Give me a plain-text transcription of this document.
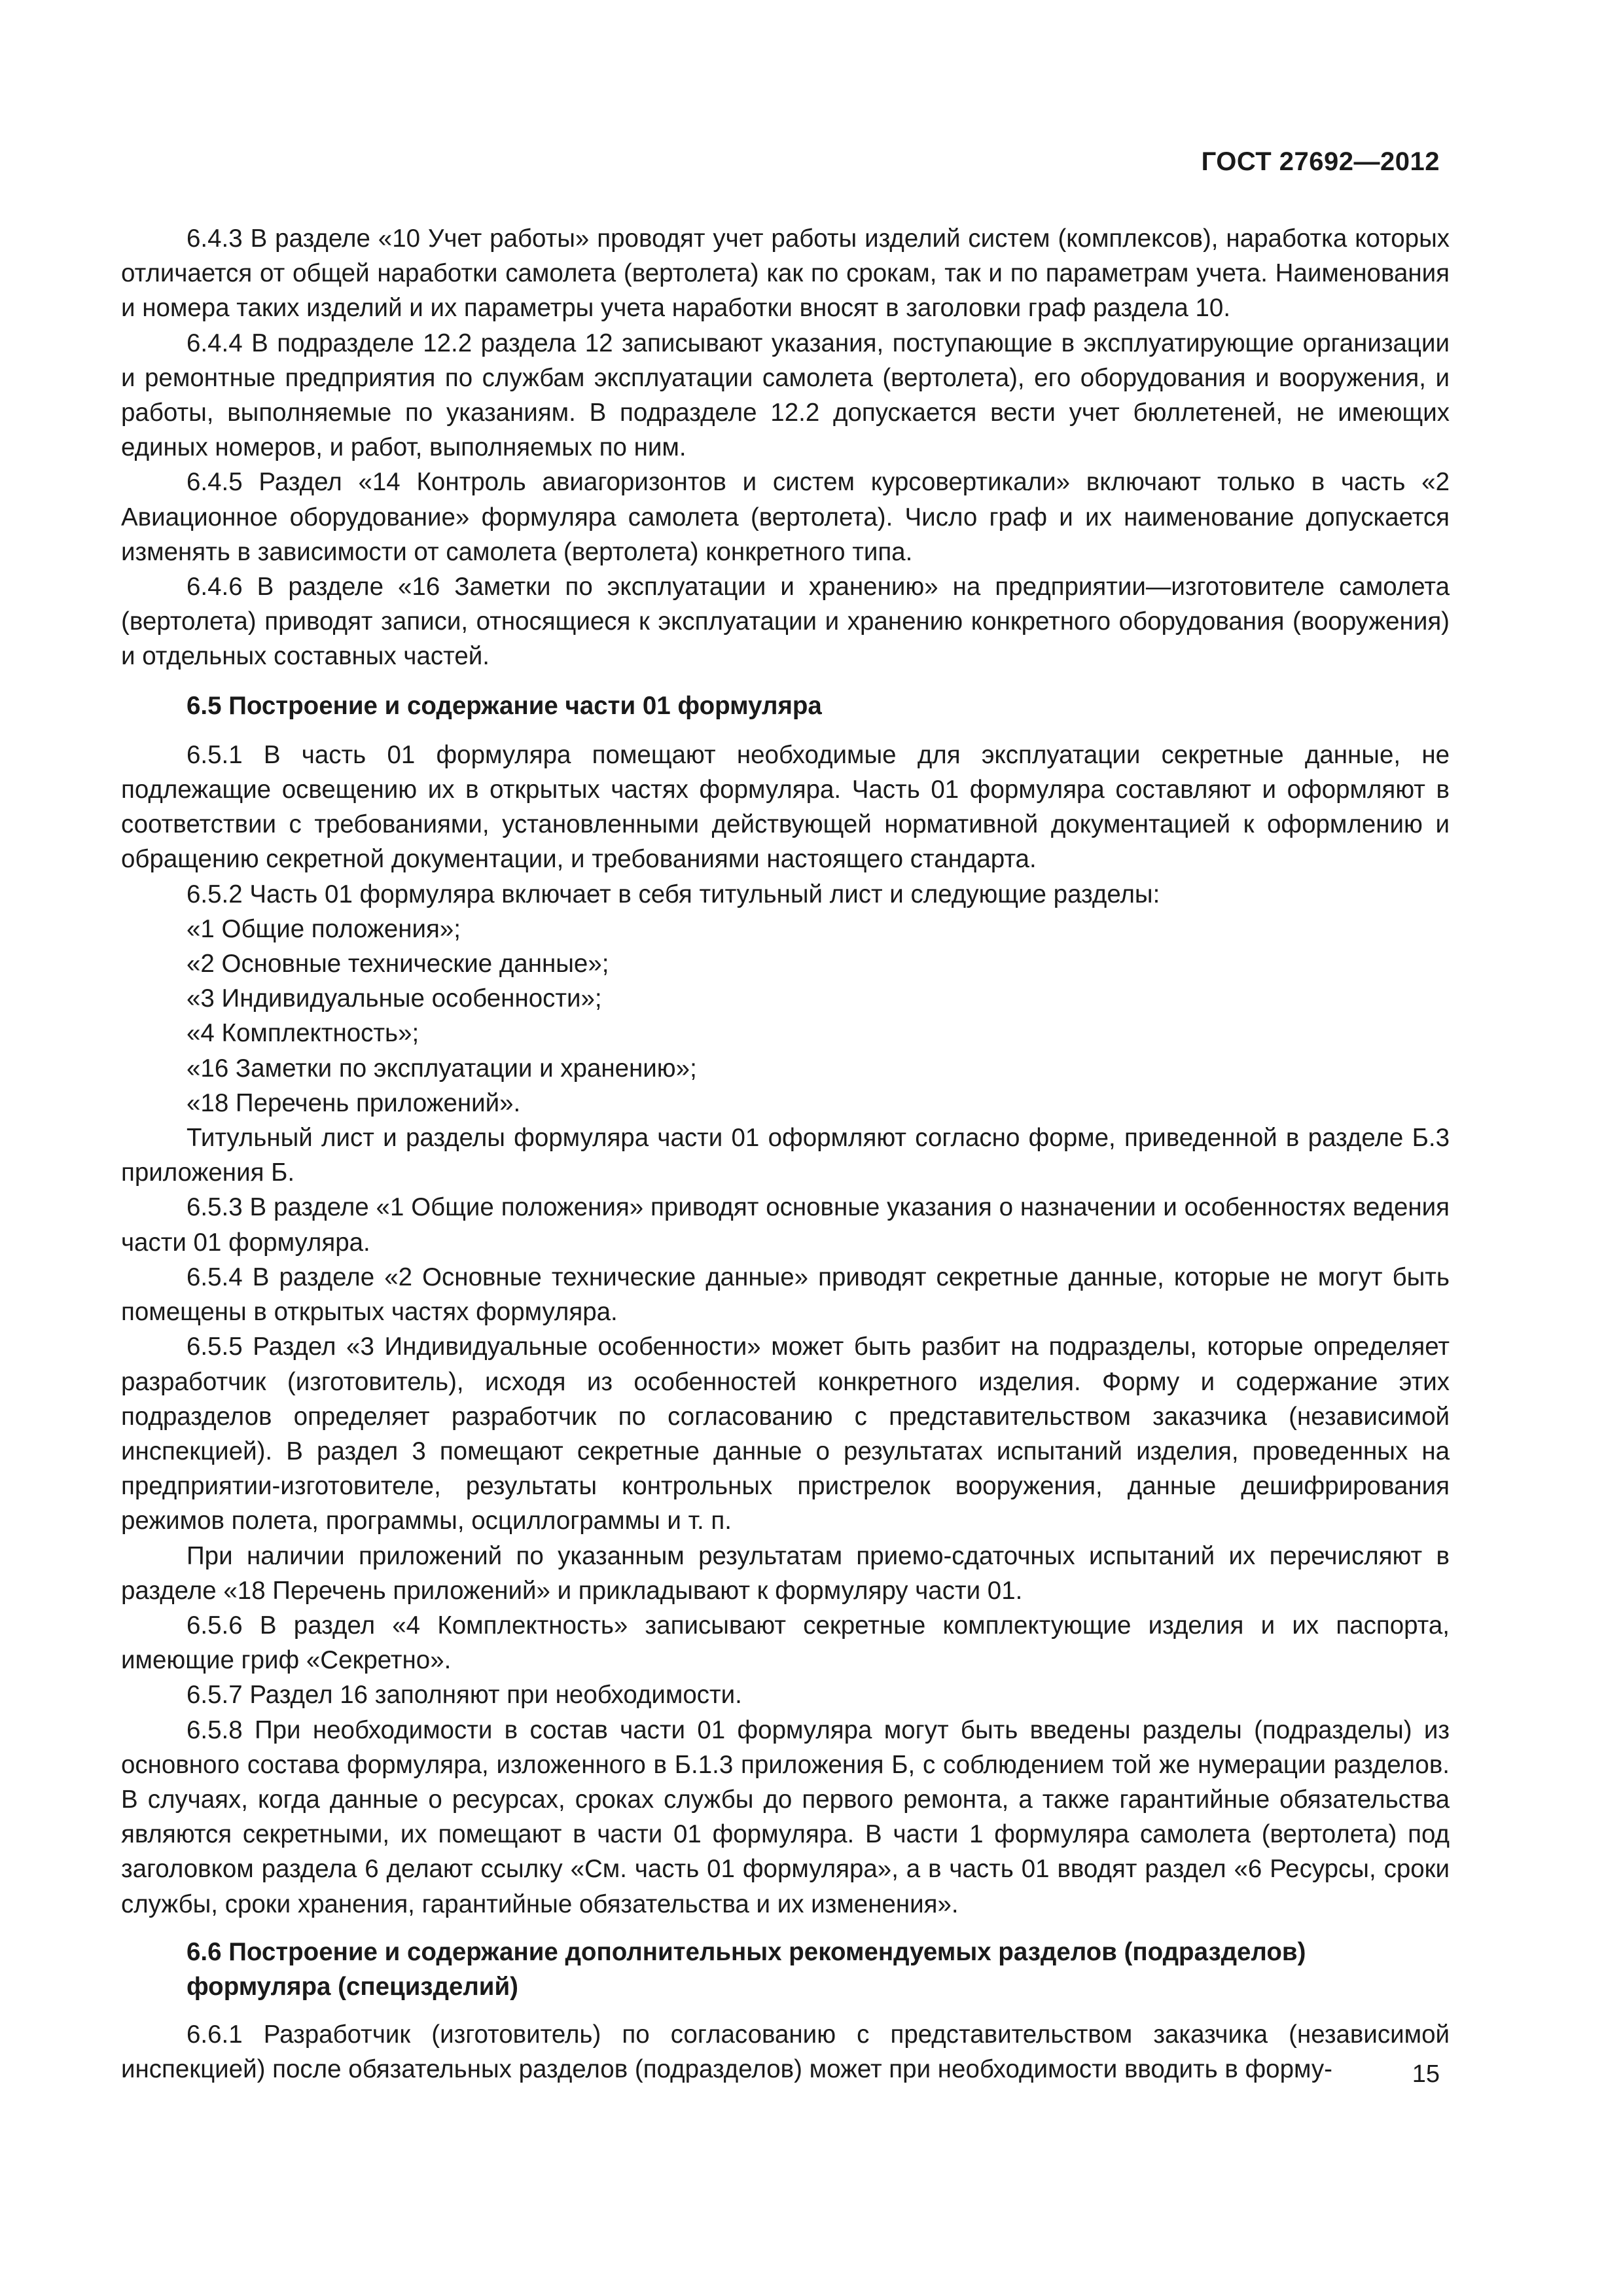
ГОСТ 27692—2012

6.4.3 В разделе «10 Учет работы» проводят учет работы изделий систем (комплексов), наработка которых отличается от общей наработки самолета (вертолета) как по срокам, так и по параметрам учета. Наименования и номера таких изделий и их параметры учета наработки вносят в заголовки граф раздела 10.

6.4.4 В подразделе 12.2 раздела 12 записывают указания, поступающие в эксплуатирующие организации и ремонтные предприятия по службам эксплуатации самолета (вертолета), его оборудования и вооружения, и работы, выполняемые по указаниям. В подразделе 12.2 допускается вести учет бюллетеней, не имеющих единых номеров, и работ, выполняемых по ним.

6.4.5 Раздел «14 Контроль авиагоризонтов и систем курсовертикали» включают только в часть «2 Авиационное оборудование» формуляра самолета (вертолета). Число граф и их наименование допускается изменять в зависимости от самолета (вертолета) конкретного типа.

6.4.6 В разделе «16 Заметки по эксплуатации и хранению» на предприятии—изготовителе самолета (вертолета) приводят записи, относящиеся к эксплуатации и хранению конкретного оборудования (вооружения) и отдельных составных частей.

6.5 Построение и содержание части 01 формуляра

6.5.1 В часть 01 формуляра помещают необходимые для эксплуатации секретные данные, не подлежащие освещению их в открытых частях формуляра. Часть 01 формуляра составляют и оформляют в соответствии с требованиями, установленными действующей нормативной документацией к оформлению и обращению секретной документации, и требованиями настоящего стандарта.

6.5.2 Часть 01 формуляра включает в себя титульный лист и следующие разделы:

«1 Общие положения»;

«2 Основные технические данные»;

«3 Индивидуальные особенности»;

«4 Комплектность»;

«16 Заметки по эксплуатации и хранению»;

«18 Перечень приложений».

Титульный лист и разделы формуляра части 01 оформляют согласно форме, приведенной в разделе Б.3 приложения Б.

6.5.3 В разделе «1 Общие положения» приводят основные указания о назначении и особенностях ведения части 01 формуляра.

6.5.4 В разделе «2 Основные технические данные» приводят секретные данные, которые не могут быть помещены в открытых частях формуляра.

6.5.5 Раздел «3 Индивидуальные особенности» может быть разбит на подразделы, которые определяет разработчик (изготовитель), исходя из особенностей конкретного изделия. Форму и содержание этих подразделов определяет разработчик по согласованию с представительством заказчика (независимой инспекцией). В раздел 3 помещают секретные данные о результатах испытаний изделия, проведенных на предприятии-изготовителе, результаты контрольных пристрелок вооружения, данные дешифрирования режимов полета, программы, осциллограммы и т. п.

При наличии приложений по указанным результатам приемо-сдаточных испытаний их перечисляют в разделе «18 Перечень приложений» и прикладывают к формуляру части 01.

6.5.6 В раздел «4 Комплектность» записывают секретные комплектующие изделия и их паспорта, имеющие гриф «Секретно».

6.5.7 Раздел 16 заполняют при необходимости.

6.5.8 При необходимости в состав части 01 формуляра могут быть введены разделы (подразделы) из основного состава формуляра, изложенного в Б.1.3 приложения Б, с соблюдением той же нумерации разделов. В случаях, когда данные о ресурсах, сроках службы до первого ремонта, а также гарантийные обязательства являются секретными, их помещают в части 01 формуляра. В части 1 формуляра самолета (вертолета) под заголовком раздела 6 делают ссылку «См. часть 01 формуляра», а в часть 01 вводят раздел «6 Ресурсы, сроки службы, сроки хранения, гарантийные обязательства и их изменения».

6.6 Построение и содержание дополнительных рекомендуемых разделов (подразделов) формуляра (специзделий)

6.6.1 Разработчик (изготовитель) по согласованию с представительством заказчика (независимой инспекцией) после обязательных разделов (подразделов) может при необходимости вводить в форму-	15
